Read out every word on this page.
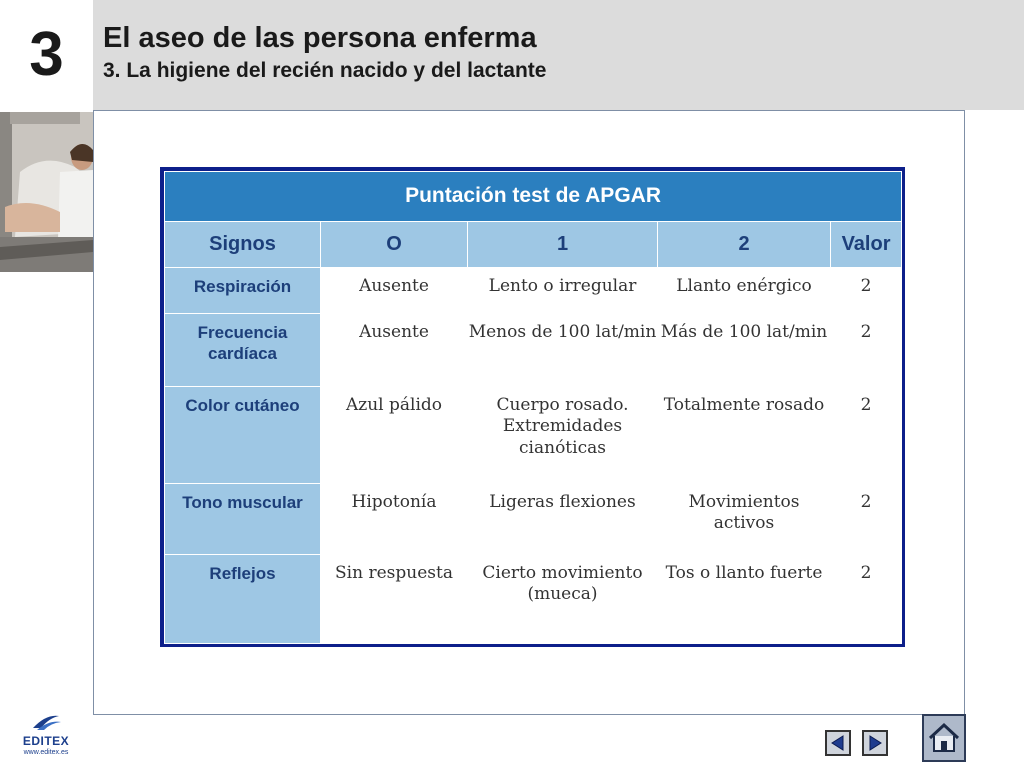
3 El aseo de las persona enferma
3. La higiene del recién nacido y del lactante
Puntación test de APGAR				
Signos	O	1	2	Valor
Respiración	Ausente	Lento o irregular	Llanto enérgico	2
Frecuencia cardíaca	Ausente	Menos de 100 lat/min	Más de 100 lat/min	2
Color cutáneo	Azul pálido	Cuerpo rosado. Extremidades cianóticas	Totalmente rosado	2
Tono muscular	Hipotonía	Ligeras flexiones	Movimientos activos	2
Reflejos	Sin respuesta	Cierto movimiento (mueca)	Tos o llanto fuerte	2
EDITEX
www.editex.es
